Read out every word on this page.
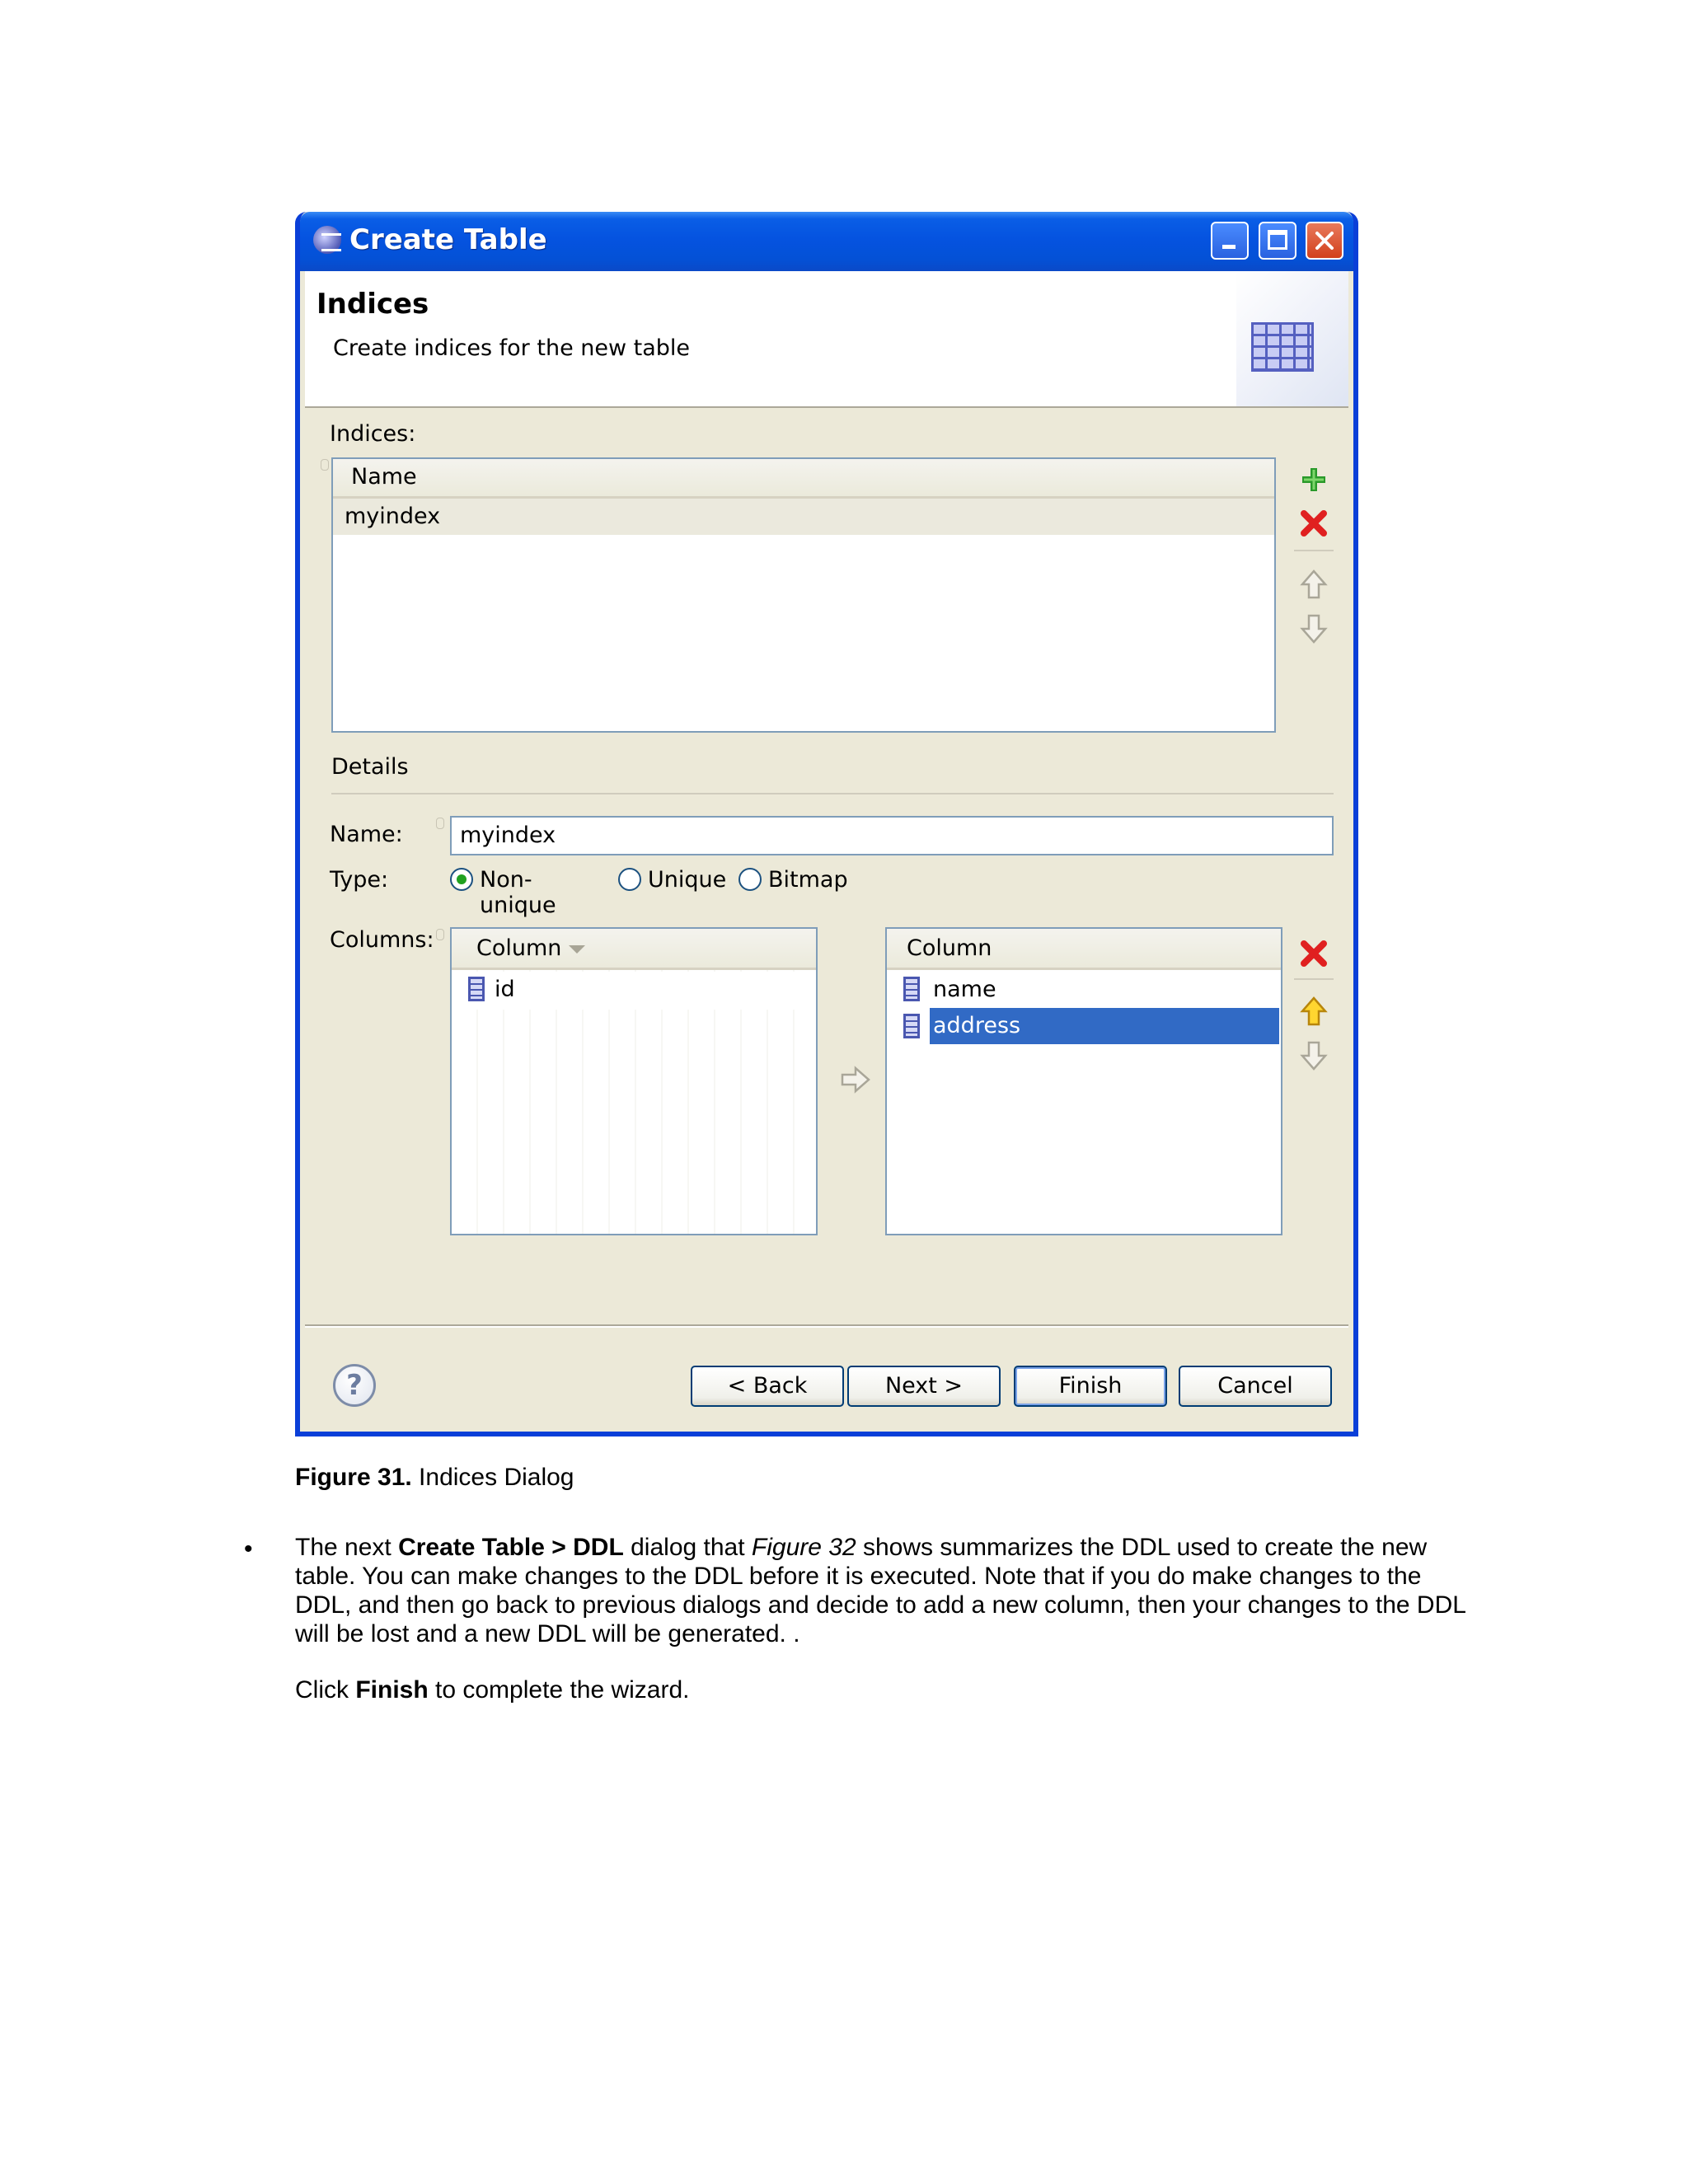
Create Table
Indices
Create indices for the new table
Indices:
Name
myindex
Details
Name:	myindex
Type:	Non-unique
Unique Bitmap
Columns:	Column
id
Column
name
address
?	< Back	Next >	Finish	Cancel
Figure 31. Indices Dialog
• The next Create Table > DDL dialog that Figure 32 shows summarizes the DDL used to create the new table. You can make changes to the DDL before it is executed. Note that if you do make changes to the DDL, and then go back to previous dialogs and decide to add a new column, then your changes to the DDL will be lost and a new DDL will be generated. .
Click Finish to complete the wizard.
